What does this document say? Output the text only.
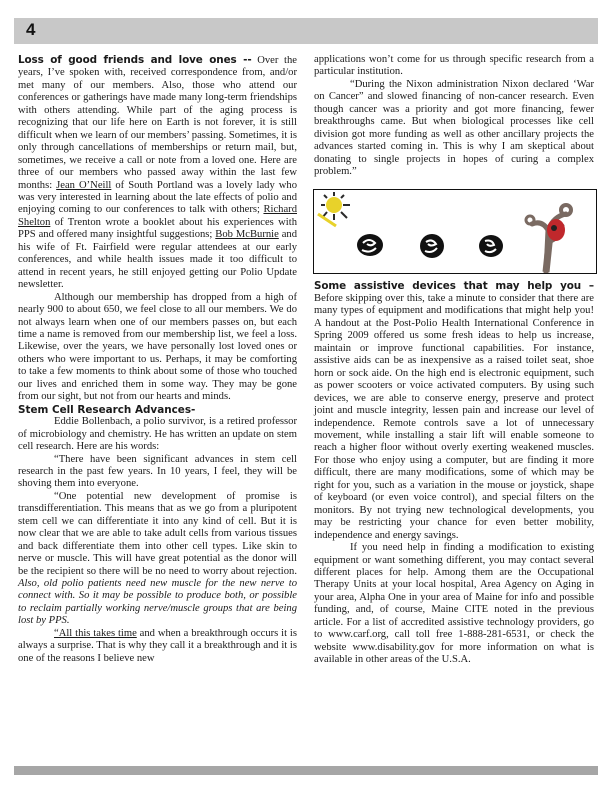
4

Loss of good friends and love ones -- Over the years, I’ve spoken with, received correspondence from, and/or met many of our members. Also, those who attend our conferences or gatherings have made many long-term friendships with others attending. While part of the aging process is recognizing that our life here on Earth is not forever, it is still difficult when we learn of our members’ passing. Sometimes, it is only through cancellations of memberships or return mail, but, sometimes, we receive a call or note from a loved one. Here are three of our members who passed away within the last few months: Jean O’Neill of South Portland was a lovely lady who was very interested in learning about the late effects of polio and enjoying coming to our conferences to talk with others; Richard Shelton of Trenton wrote a booklet about his experiences with PPS and offered many insightful suggestions; Bob McBurnie and his wife of Ft. Fairfield were regular attendees at our early conferences, and while health issues made it too difficult to attend in recent years, he still enjoyed getting our Polio Update newsletter.

Although our membership has dropped from a high of nearly 900 to about 650, we feel close to all our members. We do not always learn when one of our members passes on, but each time a name is removed from our membership list, we feel a loss. Likewise, over the years, we have personally lost loved ones or others who were important to us. Perhaps, it may be comforting to take a few moments to think about some of those who touched our lives and enriched them in some way. They may be gone from our sight, but not from our hearts and minds.

Stem Cell Research Advances-

Eddie Bollenbach, a polio survivor, is a retired professor of microbiology and chemistry. He has written an update on stem cell research. Here are his words:

“There have been significant advances in stem cell research in the past few years. In 10 years, I feel, they will be shoving them into everyone.

“One potential new development of promise is transdifferentiation. This means that as we go from a pluripotent stem cell we can differentiate it into any kind of cell. But it is now clear that we are able to take adult cells from various tissues and back differentiate them into other cell types. Like skin to nerve or muscle. This will have great potential as the donor will be the recipient so there will be no need to worry about rejection. Also, old polio patients need new muscle for the new nerve to connect with. So it may be possible to produce both, or possible to reclaim partially working nerve/muscle groups that are being lost by PPS.

“All this takes time and when a breakthrough occurs it is always a surprise. That is why they call it a breakthrough and it is one of the reasons I believe new

applications won’t come for us through specific research from a particular institution.

“During the Nixon administration Nixon declared ‘War on Cancer” and slowed financing of non-cancer research. Even though cancer was a priority and got more financing, fewer breakthroughs came. But when biological processes like cell division got more funding as well as other ancillary projects the advances started coming in. This is why I am skeptical about donating to single projects in hopes of curing a complex problem.”

Some assistive devices that may help you – Before skipping over this, take a minute to consider that there are many types of equipment and modifications that might help you! A handout at the Post-Polio Health International Conference in Spring 2009 offered us some fresh ideas to help us increase, maintain or improve functional capabilities. For instance, assistive aids can be as inexpensive as a raised toilet seat, shoe horn or sock aide. On the high end is electronic equipment, such as power scooters or voice activated computers. By using such devices, we are able to conserve energy, preserve and protect joint and muscle integrity, lessen pain and increase our level of independence. Remote controls save a lot of unnecessary movement, while installing a stair lift will enable someone to reach a higher floor without overly exerting weakened muscles. For those who enjoy using a computer, but are finding it more difficult, there are many modifications, some of which may be right for you, such as a variation in the mouse or joystick, shape of keyboard (or even voice control), and special filters on the monitors. By not trying new technological developments, you may be restricting your chance for even better mobility, independence and energy savings.

If you need help in finding a modification to existing equipment or want something different, you may contact several different places for help. Among them are the Occupational Therapy Units at your local hospital, Area Agency on Aging in your area, Alpha One in your area of Maine for info and possible funding, and, of course, Maine CITE noted in the previous article. For a list of accredited assistive technology providers, go to www.carf.org, call toll free 1-888-281-6531, or check the website www.disability.gov for more information on what is available in other areas of the U.S.A.
